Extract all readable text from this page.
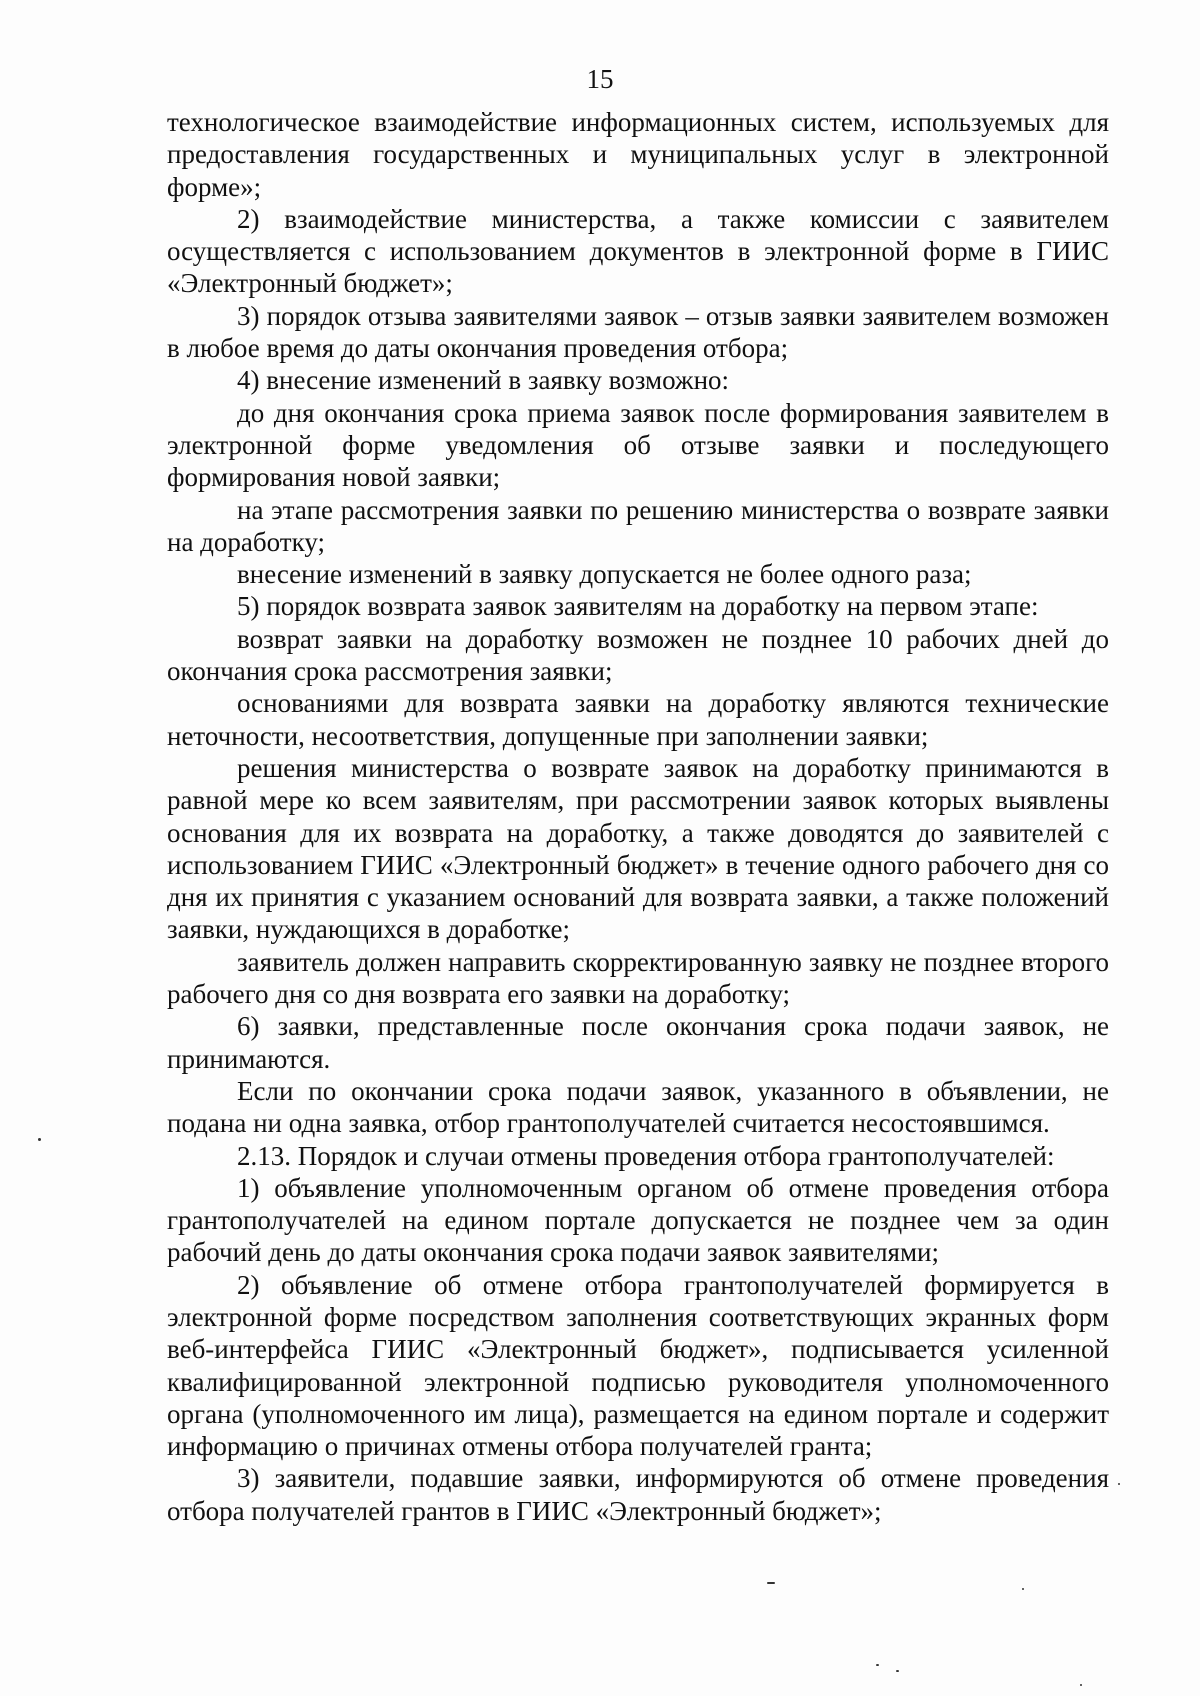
15

технологическое взаимодействие информационных систем, используемых для предоставления государственных и муниципальных услуг в электронной форме»;

2) взаимодействие министерства, а также комиссии с заявителем осуществляется с использованием документов в электронной форме в ГИИС «Электронный бюджет»;

3) порядок отзыва заявителями заявок – отзыв заявки заявителем возможен в любое время до даты окончания проведения отбора;

4) внесение изменений в заявку возможно:

до дня окончания срока приема заявок после формирования заявителем в электронной форме уведомления об отзыве заявки и последующего формирования новой заявки;

на этапе рассмотрения заявки по решению министерства о возврате заявки на доработку;

внесение изменений в заявку допускается не более одного раза;

5) порядок возврата заявок заявителям на доработку на первом этапе:

возврат заявки на доработку возможен не позднее 10 рабочих дней до окончания срока рассмотрения заявки;

основаниями для возврата заявки на доработку являются технические неточности, несоответствия, допущенные при заполнении заявки;

решения министерства о возврате заявок на доработку принимаются в равной мере ко всем заявителям, при рассмотрении заявок которых выявлены основания для их возврата на доработку, а также доводятся до заявителей с использованием ГИИС «Электронный бюджет» в течение одного рабочего дня со дня их принятия с указанием оснований для возврата заявки, а также положений заявки, нуждающихся в доработке;

заявитель должен направить скорректированную заявку не позднее второго рабочего дня со дня возврата его заявки на доработку;

6) заявки, представленные после окончания срока подачи заявок, не принимаются.

Если по окончании срока подачи заявок, указанного в объявлении, не подана ни одна заявка, отбор грантополучателей считается несостоявшимся.

2.13. Порядок и случаи отмены проведения отбора грантополучателей:

1) объявление уполномоченным органом об отмене проведения отбора грантополучателей на едином портале допускается не позднее чем за один рабочий день до даты окончания срока подачи заявок заявителями;

2) объявление об отмене отбора грантополучателей формируется в электронной форме посредством заполнения соответствующих экранных форм веб-интерфейса ГИИС «Электронный бюджет», подписывается усиленной квалифицированной электронной подписью руководителя уполномоченного органа (уполномоченного им лица), размещается на едином портале и содержит информацию о причинах отмены отбора получателей гранта;

3) заявители, подавшие заявки, информируются об отмене проведения отбора получателей грантов в ГИИС «Электронный бюджет»;
